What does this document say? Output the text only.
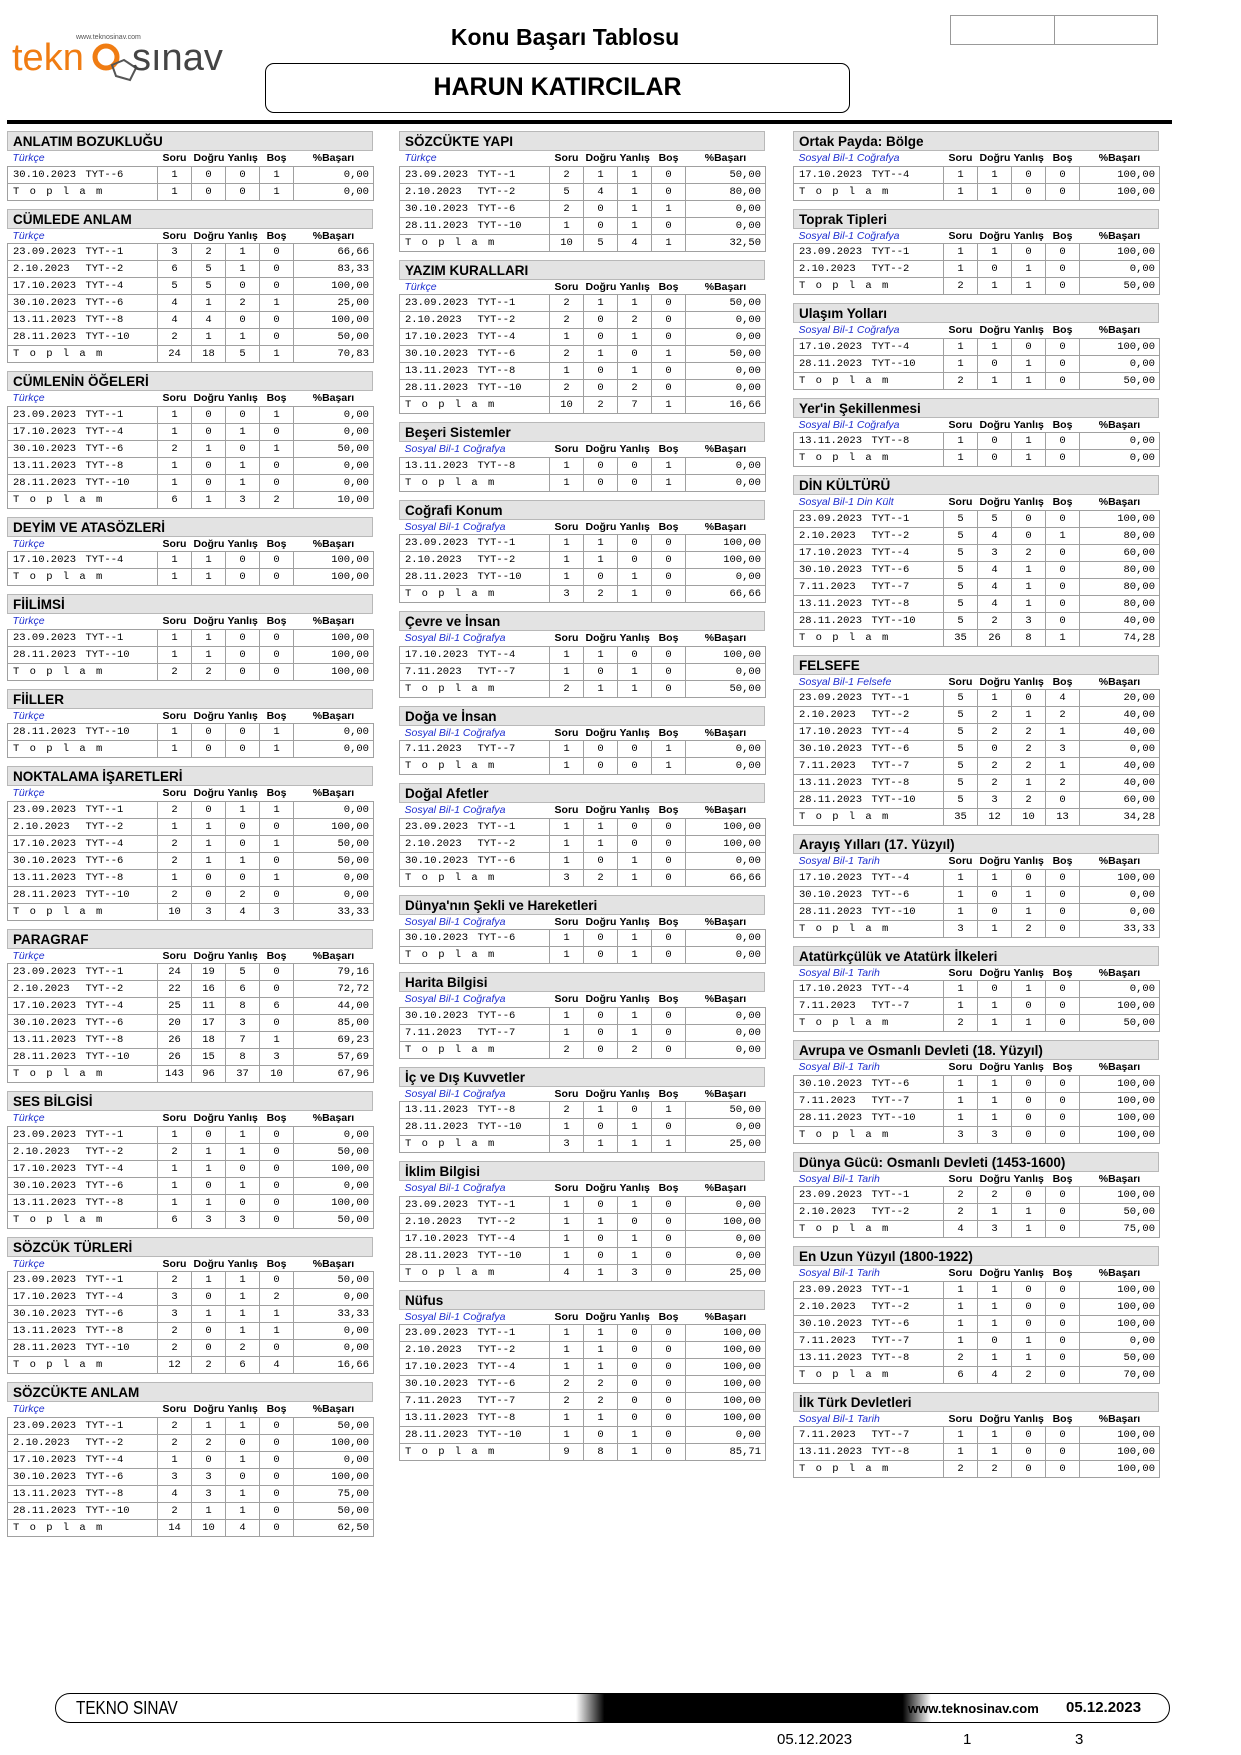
www.teknosinav.com
tekn sınav	Konu Başarı Tablosu
HARUN KATIRCILAR
ANLATIM BOZUKLUĞU
Türkçe		Soru	Doğru	Yanlış	Boş	%Başarı
30.10.2023	TYT--6	1	0	0	1	0,00
T o p l a m		1	0	0	1	0,00
CÜMLEDE ANLAM
Türkçe		Soru	Doğru	Yanlış	Boş	%Başarı
23.09.2023	TYT--1	3	2	1	0	66,66
2.10.2023	TYT--2	6	5	1	0	83,33
17.10.2023	TYT--4	5	5	0	0	100,00
30.10.2023	TYT--6	4	1	2	1	25,00
13.11.2023	TYT--8	4	4	0	0	100,00
28.11.2023	TYT--10	2	1	1	0	50,00
T o p l a m		24	18	5	1	70,83
CÜMLENİN ÖĞELERİ
Türkçe		Soru	Doğru	Yanlış	Boş	%Başarı
23.09.2023	TYT--1	1	0	0	1	0,00
17.10.2023	TYT--4	1	0	1	0	0,00
30.10.2023	TYT--6	2	1	0	1	50,00
13.11.2023	TYT--8	1	0	1	0	0,00
28.11.2023	TYT--10	1	0	1	0	0,00
T o p l a m		6	1	3	2	10,00
DEYİM VE ATASÖZLERİ
Türkçe		Soru	Doğru	Yanlış	Boş	%Başarı
17.10.2023	TYT--4	1	1	0	0	100,00
T o p l a m		1	1	0	0	100,00
FİİLİMSİ
Türkçe		Soru	Doğru	Yanlış	Boş	%Başarı
23.09.2023	TYT--1	1	1	0	0	100,00
28.11.2023	TYT--10	1	1	0	0	100,00
T o p l a m		2	2	0	0	100,00
FİİLLER
Türkçe		Soru	Doğru	Yanlış	Boş	%Başarı
28.11.2023	TYT--10	1	0	0	1	0,00
T o p l a m		1	0	0	1	0,00
NOKTALAMA İŞARETLERİ
Türkçe		Soru	Doğru	Yanlış	Boş	%Başarı
23.09.2023	TYT--1	2	0	1	1	0,00
2.10.2023	TYT--2	1	1	0	0	100,00
17.10.2023	TYT--4	2	1	0	1	50,00
30.10.2023	TYT--6	2	1	1	0	50,00
13.11.2023	TYT--8	1	0	0	1	0,00
28.11.2023	TYT--10	2	0	2	0	0,00
T o p l a m		10	3	4	3	33,33
PARAGRAF
Türkçe		Soru	Doğru	Yanlış	Boş	%Başarı
23.09.2023	TYT--1	24	19	5	0	79,16
2.10.2023	TYT--2	22	16	6	0	72,72
17.10.2023	TYT--4	25	11	8	6	44,00
30.10.2023	TYT--6	20	17	3	0	85,00
13.11.2023	TYT--8	26	18	7	1	69,23
28.11.2023	TYT--10	26	15	8	3	57,69
T o p l a m		143	96	37	10	67,96
SES BİLGİSİ
Türkçe		Soru	Doğru	Yanlış	Boş	%Başarı
23.09.2023	TYT--1	1	0	1	0	0,00
2.10.2023	TYT--2	2	1	1	0	50,00
17.10.2023	TYT--4	1	1	0	0	100,00
30.10.2023	TYT--6	1	0	1	0	0,00
13.11.2023	TYT--8	1	1	0	0	100,00
T o p l a m		6	3	3	0	50,00
SÖZCÜK TÜRLERİ
Türkçe		Soru	Doğru	Yanlış	Boş	%Başarı
23.09.2023	TYT--1	2	1	1	0	50,00
17.10.2023	TYT--4	3	0	1	2	0,00
30.10.2023	TYT--6	3	1	1	1	33,33
13.11.2023	TYT--8	2	0	1	1	0,00
28.11.2023	TYT--10	2	0	2	0	0,00
T o p l a m		12	2	6	4	16,66
SÖZCÜKTE ANLAM
Türkçe		Soru	Doğru	Yanlış	Boş	%Başarı
23.09.2023	TYT--1	2	1	1	0	50,00
2.10.2023	TYT--2	2	2	0	0	100,00
17.10.2023	TYT--4	1	0	1	0	0,00
30.10.2023	TYT--6	3	3	0	0	100,00
13.11.2023	TYT--8	4	3	1	0	75,00
28.11.2023	TYT--10	2	1	1	0	50,00
T o p l a m		14	10	4	0	62,50
SÖZCÜKTE YAPI
Türkçe		Soru	Doğru	Yanlış	Boş	%Başarı
23.09.2023	TYT--1	2	1	1	0	50,00
2.10.2023	TYT--2	5	4	1	0	80,00
30.10.2023	TYT--6	2	0	1	1	0,00
28.11.2023	TYT--10	1	0	1	0	0,00
T o p l a m		10	5	4	1	32,50
YAZIM KURALLARI
Türkçe		Soru	Doğru	Yanlış	Boş	%Başarı
23.09.2023	TYT--1	2	1	1	0	50,00
2.10.2023	TYT--2	2	0	2	0	0,00
17.10.2023	TYT--4	1	0	1	0	0,00
30.10.2023	TYT--6	2	1	0	1	50,00
13.11.2023	TYT--8	1	0	1	0	0,00
28.11.2023	TYT--10	2	0	2	0	0,00
T o p l a m		10	2	7	1	16,66
Beşeri Sistemler
Sosyal Bil-1 Coğrafya		Soru	Doğru	Yanlış	Boş	%Başarı
13.11.2023	TYT--8	1	0	0	1	0,00
T o p l a m		1	0	0	1	0,00
Coğrafi Konum
Sosyal Bil-1 Coğrafya		Soru	Doğru	Yanlış	Boş	%Başarı
23.09.2023	TYT--1	1	1	0	0	100,00
2.10.2023	TYT--2	1	1	0	0	100,00
28.11.2023	TYT--10	1	0	1	0	0,00
T o p l a m		3	2	1	0	66,66
Çevre ve İnsan
Sosyal Bil-1 Coğrafya		Soru	Doğru	Yanlış	Boş	%Başarı
17.10.2023	TYT--4	1	1	0	0	100,00
7.11.2023	TYT--7	1	0	1	0	0,00
T o p l a m		2	1	1	0	50,00
Doğa ve İnsan
Sosyal Bil-1 Coğrafya		Soru	Doğru	Yanlış	Boş	%Başarı
7.11.2023	TYT--7	1	0	0	1	0,00
T o p l a m		1	0	0	1	0,00
Doğal Afetler
Sosyal Bil-1 Coğrafya		Soru	Doğru	Yanlış	Boş	%Başarı
23.09.2023	TYT--1	1	1	0	0	100,00
2.10.2023	TYT--2	1	1	0	0	100,00
30.10.2023	TYT--6	1	0	1	0	0,00
T o p l a m		3	2	1	0	66,66
Dünya'nın Şekli ve Hareketleri
Sosyal Bil-1 Coğrafya		Soru	Doğru	Yanlış	Boş	%Başarı
30.10.2023	TYT--6	1	0	1	0	0,00
T o p l a m		1	0	1	0	0,00
Harita Bilgisi
Sosyal Bil-1 Coğrafya		Soru	Doğru	Yanlış	Boş	%Başarı
30.10.2023	TYT--6	1	0	1	0	0,00
7.11.2023	TYT--7	1	0	1	0	0,00
T o p l a m		2	0	2	0	0,00
İç ve Dış Kuvvetler
Sosyal Bil-1 Coğrafya		Soru	Doğru	Yanlış	Boş	%Başarı
13.11.2023	TYT--8	2	1	0	1	50,00
28.11.2023	TYT--10	1	0	1	0	0,00
T o p l a m		3	1	1	1	25,00
İklim Bilgisi
Sosyal Bil-1 Coğrafya		Soru	Doğru	Yanlış	Boş	%Başarı
23.09.2023	TYT--1	1	0	1	0	0,00
2.10.2023	TYT--2	1	1	0	0	100,00
17.10.2023	TYT--4	1	0	1	0	0,00
28.11.2023	TYT--10	1	0	1	0	0,00
T o p l a m		4	1	3	0	25,00
Nüfus
Sosyal Bil-1 Coğrafya		Soru	Doğru	Yanlış	Boş	%Başarı
23.09.2023	TYT--1	1	1	0	0	100,00
2.10.2023	TYT--2	1	1	0	0	100,00
17.10.2023	TYT--4	1	1	0	0	100,00
30.10.2023	TYT--6	2	2	0	0	100,00
7.11.2023	TYT--7	2	2	0	0	100,00
13.11.2023	TYT--8	1	1	0	0	100,00
28.11.2023	TYT--10	1	0	1	0	0,00
T o p l a m		9	8	1	0	85,71
Ortak Payda: Bölge
Sosyal Bil-1 Coğrafya		Soru	Doğru	Yanlış	Boş	%Başarı
17.10.2023	TYT--4	1	1	0	0	100,00
T o p l a m		1	1	0	0	100,00
Toprak Tipleri
Sosyal Bil-1 Coğrafya		Soru	Doğru	Yanlış	Boş	%Başarı
23.09.2023	TYT--1	1	1	0	0	100,00
2.10.2023	TYT--2	1	0	1	0	0,00
T o p l a m		2	1	1	0	50,00
Ulaşım Yolları
Sosyal Bil-1 Coğrafya		Soru	Doğru	Yanlış	Boş	%Başarı
17.10.2023	TYT--4	1	1	0	0	100,00
28.11.2023	TYT--10	1	0	1	0	0,00
T o p l a m		2	1	1	0	50,00
Yer'in Şekillenmesi
Sosyal Bil-1 Coğrafya		Soru	Doğru	Yanlış	Boş	%Başarı
13.11.2023	TYT--8	1	0	1	0	0,00
T o p l a m		1	0	1	0	0,00
DİN KÜLTÜRÜ
Sosyal Bil-1 Din Kült		Soru	Doğru	Yanlış	Boş	%Başarı
23.09.2023	TYT--1	5	5	0	0	100,00
2.10.2023	TYT--2	5	4	0	1	80,00
17.10.2023	TYT--4	5	3	2	0	60,00
30.10.2023	TYT--6	5	4	1	0	80,00
7.11.2023	TYT--7	5	4	1	0	80,00
13.11.2023	TYT--8	5	4	1	0	80,00
28.11.2023	TYT--10	5	2	3	0	40,00
T o p l a m		35	26	8	1	74,28
FELSEFE
Sosyal Bil-1 Felsefe		Soru	Doğru	Yanlış	Boş	%Başarı
23.09.2023	TYT--1	5	1	0	4	20,00
2.10.2023	TYT--2	5	2	1	2	40,00
17.10.2023	TYT--4	5	2	2	1	40,00
30.10.2023	TYT--6	5	0	2	3	0,00
7.11.2023	TYT--7	5	2	2	1	40,00
13.11.2023	TYT--8	5	2	1	2	40,00
28.11.2023	TYT--10	5	3	2	0	60,00
T o p l a m		35	12	10	13	34,28
Arayış Yılları (17. Yüzyıl)
Sosyal Bil-1 Tarih		Soru	Doğru	Yanlış	Boş	%Başarı
17.10.2023	TYT--4	1	1	0	0	100,00
30.10.2023	TYT--6	1	0	1	0	0,00
28.11.2023	TYT--10	1	0	1	0	0,00
T o p l a m		3	1	2	0	33,33
Atatürkçülük ve Atatürk İlkeleri
Sosyal Bil-1 Tarih		Soru	Doğru	Yanlış	Boş	%Başarı
17.10.2023	TYT--4	1	0	1	0	0,00
7.11.2023	TYT--7	1	1	0	0	100,00
T o p l a m		2	1	1	0	50,00
Avrupa ve Osmanlı Devleti (18. Yüzyıl)
Sosyal Bil-1 Tarih		Soru	Doğru	Yanlış	Boş	%Başarı
30.10.2023	TYT--6	1	1	0	0	100,00
7.11.2023	TYT--7	1	1	0	0	100,00
28.11.2023	TYT--10	1	1	0	0	100,00
T o p l a m		3	3	0	0	100,00
Dünya Gücü: Osmanlı Devleti (1453-1600)
Sosyal Bil-1 Tarih		Soru	Doğru	Yanlış	Boş	%Başarı
23.09.2023	TYT--1	2	2	0	0	100,00
2.10.2023	TYT--2	2	1	1	0	50,00
T o p l a m		4	3	1	0	75,00
En Uzun Yüzyıl (1800-1922)
Sosyal Bil-1 Tarih		Soru	Doğru	Yanlış	Boş	%Başarı
23.09.2023	TYT--1	1	1	0	0	100,00
2.10.2023	TYT--2	1	1	0	0	100,00
30.10.2023	TYT--6	1	1	0	0	100,00
7.11.2023	TYT--7	1	0	1	0	0,00
13.11.2023	TYT--8	2	1	1	0	50,00
T o p l a m		6	4	2	0	70,00
İlk Türk Devletleri
Sosyal Bil-1 Tarih		Soru	Doğru	Yanlış	Boş	%Başarı
7.11.2023	TYT--7	1	1	0	0	100,00
13.11.2023	TYT--8	1	1	0	0	100,00
T o p l a m		2	2	0	0	100,00
TEKNO SINAV	www.teknosinav.com 05.12.2023
05.12.2023	1	3
